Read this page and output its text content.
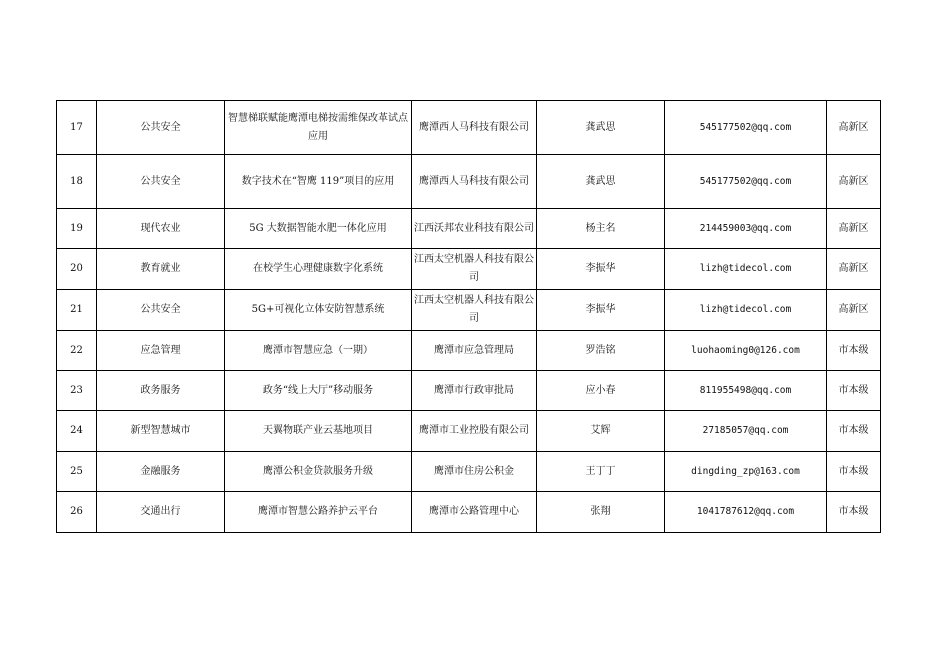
17	公共安全	智慧梯联赋能鹰潭电梯按需维保改革试点应用	鹰潭西人马科技有限公司	龚武思	545177502@qq.com	高新区
18	公共安全	数字技术在“智鹰 119”项目的应用	鹰潭西人马科技有限公司	龚武思	545177502@qq.com	高新区
19	现代农业	5G 大数据智能水肥一体化应用	江西沃邦农业科技有限公司	杨主名	214459003@qq.com	高新区
20	教育就业	在校学生心理健康数字化系统	江西太空机器人科技有限公司	李振华	lizh@tidecol.com	高新区
21	公共安全	5G+可视化立体安防智慧系统	江西太空机器人科技有限公司	李振华	lizh@tidecol.com	高新区
22	应急管理	鹰潭市智慧应急（一期）	鹰潭市应急管理局	罗浩铭	luohaoming0@126.com	市本级
23	政务服务	政务“线上大厅”移动服务	鹰潭市行政审批局	应小春	811955498@qq.com	市本级
24	新型智慧城市	天翼物联产业云基地项目	鹰潭市工业控股有限公司	艾辉	27185057@qq.com	市本级
25	金融服务	鹰潭公积金贷款服务升级	鹰潭市住房公积金	王丁丁	dingding_zp@163.com	市本级
26	交通出行	鹰潭市智慧公路养护云平台	鹰潭市公路管理中心	张翔	1041787612@qq.com	市本级
